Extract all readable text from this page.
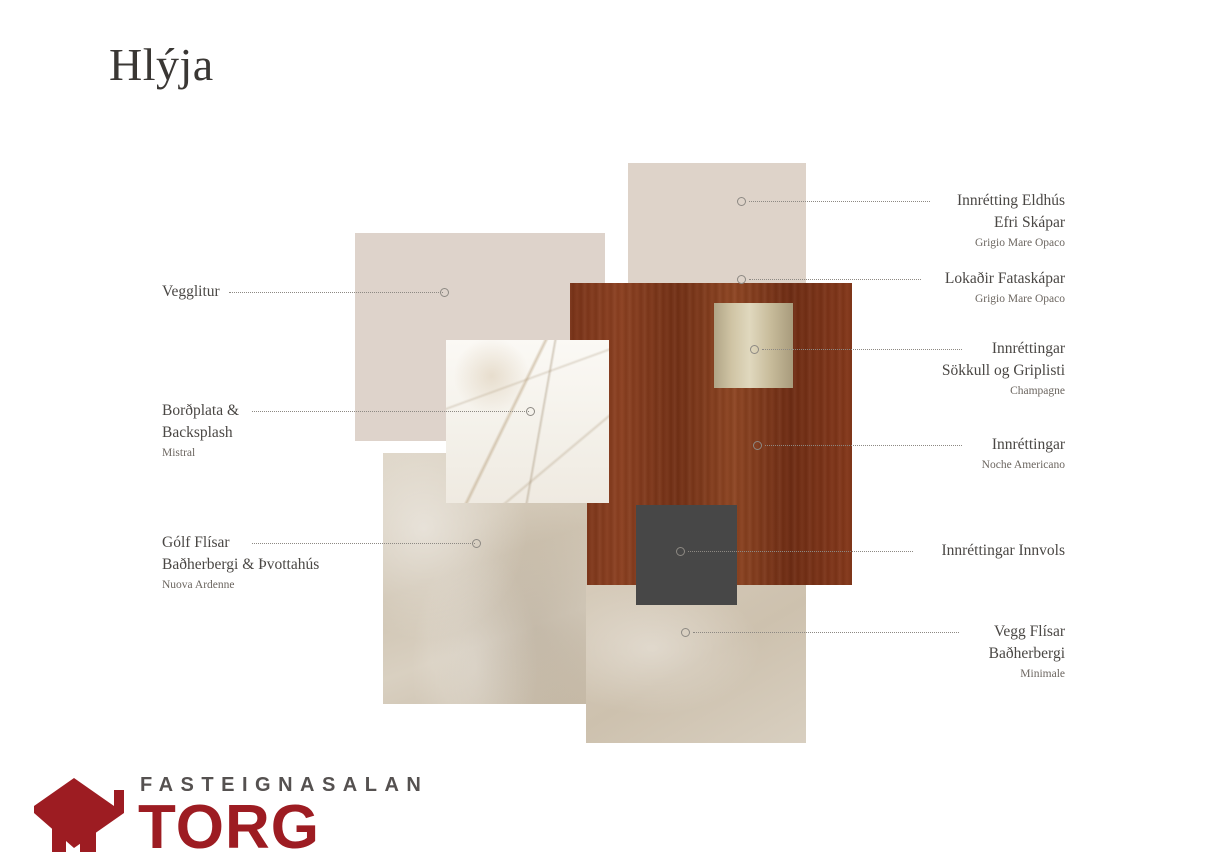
Hlýja
Vegglitur
Borðplata &
Backsplash
Mistral
Gólf Flísar
Baðherbergi & Þvottahús
Nuova Ardenne
Innrétting Eldhús
Efri Skápar
Grigio Mare Opaco
Lokaðir Fataskápar
Grigio Mare Opaco
Innréttingar
Sökkull og Griplisti
Champagne
Innréttingar
Noche Americano
Innréttingar Innvols
Vegg Flísar
Baðherbergi
Minimale
FASTEIGNASALAN
TORG
